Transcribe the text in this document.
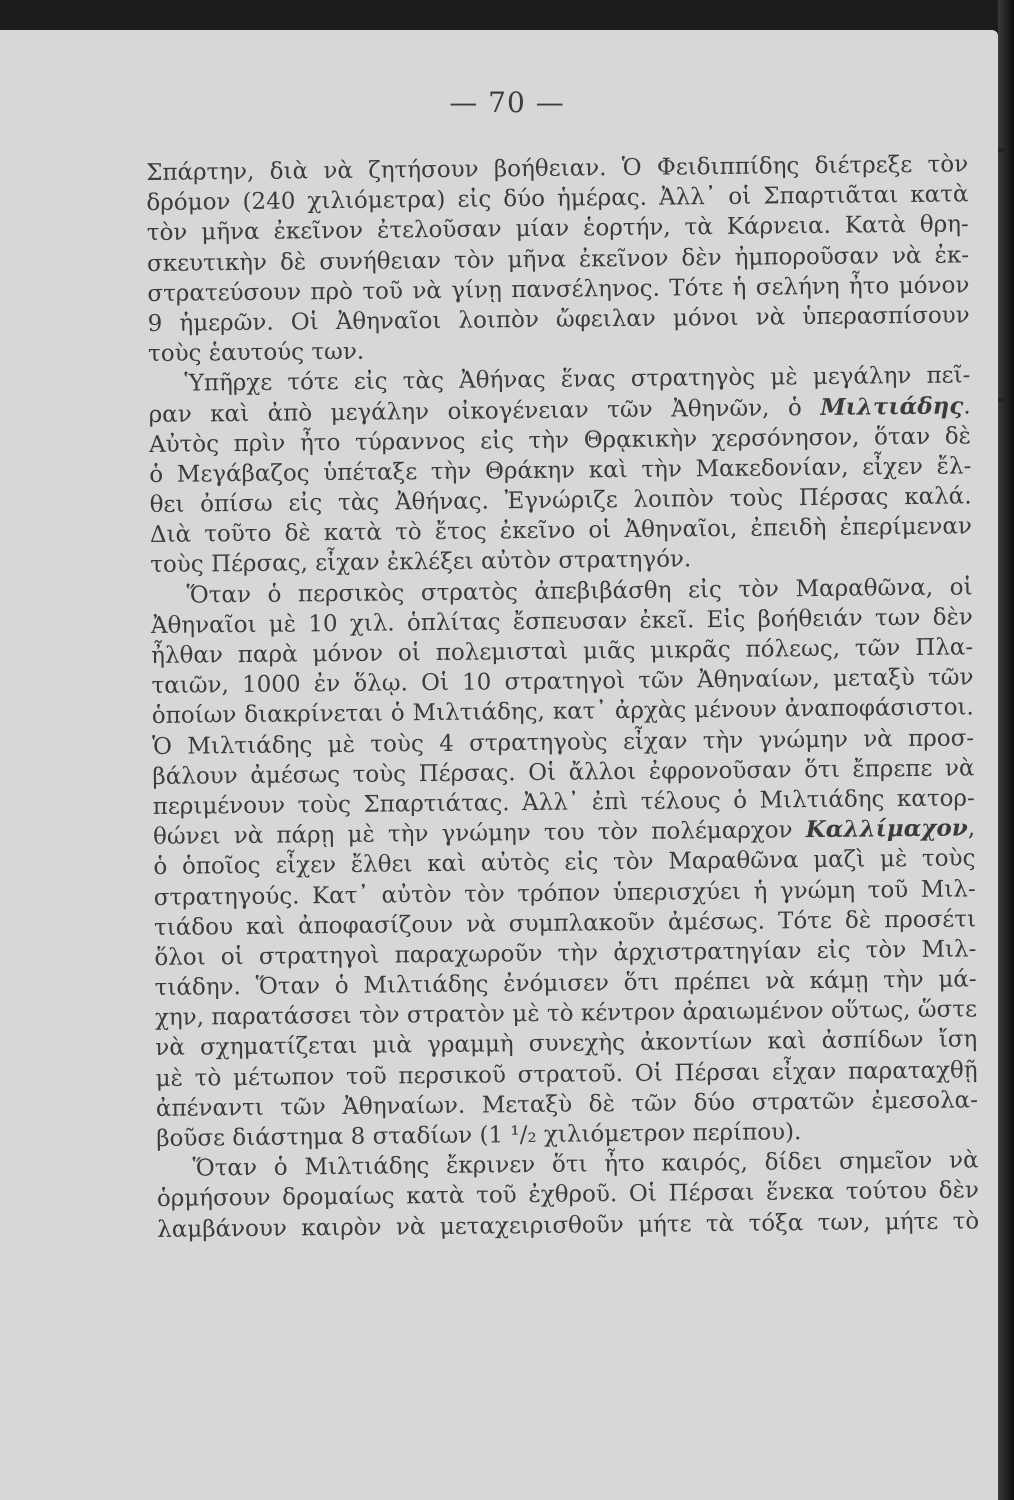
— 70 —
Σπάρτην, διὰ νὰ ζητήσουν βοήθειαν. Ὁ Φειδιππίδης διέτρεξε τὸν
δρόμον (240 χιλιόμετρα) εἰς δύο ἡμέρας. Ἀλλ᾽ οἱ Σπαρτιᾶται κατὰ
τὸν μῆνα ἐκεῖνον ἐτελοῦσαν μίαν ἑορτήν, τὰ Κάρνεια. Κατὰ θρη-
σκευτικὴν δὲ συνήθειαν τὸν μῆνα ἐκεῖνον δὲν ἠμποροῦσαν νὰ ἐκ-
στρατεύσουν πρὸ τοῦ νὰ γίνῃ πανσέληνος. Τότε ἡ σελήνη ἦτο μόνον
9 ἡμερῶν. Οἱ Ἀθηναῖοι λοιπὸν ὤφειλαν μόνοι νὰ ὑπερασπίσουν
τοὺς ἑαυτούς των.
Ὑπῆρχε τότε εἰς τὰς Ἀθήνας ἕνας στρατηγὸς μὲ μεγάλην πεῖ-
ραν καὶ ἀπὸ μεγάλην οἰκογένειαν τῶν Ἀθηνῶν, ὁ Μιλτιάδης.
Αὐτὸς πρὶν ἦτο τύραννος εἰς τὴν Θρᾳκικὴν χερσόνησον, ὅταν δὲ
ὁ Μεγάβαζος ὑπέταξε τὴν Θράκην καὶ τὴν Μακεδονίαν, εἶχεν ἔλ-
θει ὀπίσω εἰς τὰς Ἀθήνας. Ἐγνώριζε λοιπὸν τοὺς Πέρσας καλά.
Διὰ τοῦτο δὲ κατὰ τὸ ἔτος ἐκεῖνο οἱ Ἀθηναῖοι, ἐπειδὴ ἐπερίμεναν
τοὺς Πέρσας, εἶχαν ἐκλέξει αὐτὸν στρατηγόν.
Ὅταν ὁ περσικὸς στρατὸς ἀπεβιβάσθη εἰς τὸν Μαραθῶνα, οἱ
Ἀθηναῖοι μὲ 10 χιλ. ὁπλίτας ἔσπευσαν ἐκεῖ. Εἰς βοήθειάν των δὲν
ἦλθαν παρὰ μόνον οἱ πολεμισταὶ μιᾶς μικρᾶς πόλεως, τῶν Πλα-
ταιῶν, 1000 ἐν ὅλῳ. Οἱ 10 στρατηγοὶ τῶν Ἀθηναίων, μεταξὺ τῶν
ὁποίων διακρίνεται ὁ Μιλτιάδης, κατ᾽ ἀρχὰς μένουν ἀναποφάσιστοι.
Ὁ Μιλτιάδης μὲ τοὺς 4 στρατηγοὺς εἶχαν τὴν γνώμην νὰ προσ-
βάλουν ἀμέσως τοὺς Πέρσας. Οἱ ἄλλοι ἐφρονοῦσαν ὅτι ἔπρεπε νὰ
περιμένουν τοὺς Σπαρτιάτας. Ἀλλ᾽ ἐπὶ τέλους ὁ Μιλτιάδης κατορ-
θώνει νὰ πάρῃ μὲ τὴν γνώμην του τὸν πολέμαρχον Καλλίμαχον,
ὁ ὁποῖος εἶχεν ἔλθει καὶ αὐτὸς εἰς τὸν Μαραθῶνα μαζὶ μὲ τοὺς
στρατηγούς. Κατ᾽ αὐτὸν τὸν τρόπον ὑπερισχύει ἡ γνώμη τοῦ Μιλ-
τιάδου καὶ ἀποφασίζουν νὰ συμπλακοῦν ἀμέσως. Τότε δὲ προσέτι
ὅλοι οἱ στρατηγοὶ παραχωροῦν τὴν ἀρχιστρατηγίαν εἰς τὸν Μιλ-
τιάδην. Ὅταν ὁ Μιλτιάδης ἐνόμισεν ὅτι πρέπει νὰ κάμῃ τὴν μά-
χην, παρατάσσει τὸν στρατὸν μὲ τὸ κέντρον ἀραιωμένον οὕτως, ὥστε
νὰ σχηματίζεται μιὰ γραμμὴ συνεχὴς ἀκοντίων καὶ ἀσπίδων ἴση
μὲ τὸ μέτωπον τοῦ περσικοῦ στρατοῦ. Οἱ Πέρσαι εἶχαν παραταχθῇ
ἀπέναντι τῶν Ἀθηναίων. Μεταξὺ δὲ τῶν δύο στρατῶν ἐμεσολα-
βοῦσε διάστημα 8 σταδίων (1 ¹/₂ χιλιόμετρον περίπου).
Ὅταν ὁ Μιλτιάδης ἔκρινεν ὅτι ἦτο καιρός, δίδει σημεῖον νὰ
ὁρμήσουν δρομαίως κατὰ τοῦ ἐχθροῦ. Οἱ Πέρσαι ἕνεκα τούτου δὲν
λαμβάνουν καιρὸν νὰ μεταχειρισθοῦν μήτε τὰ τόξα των, μήτε τὸ
